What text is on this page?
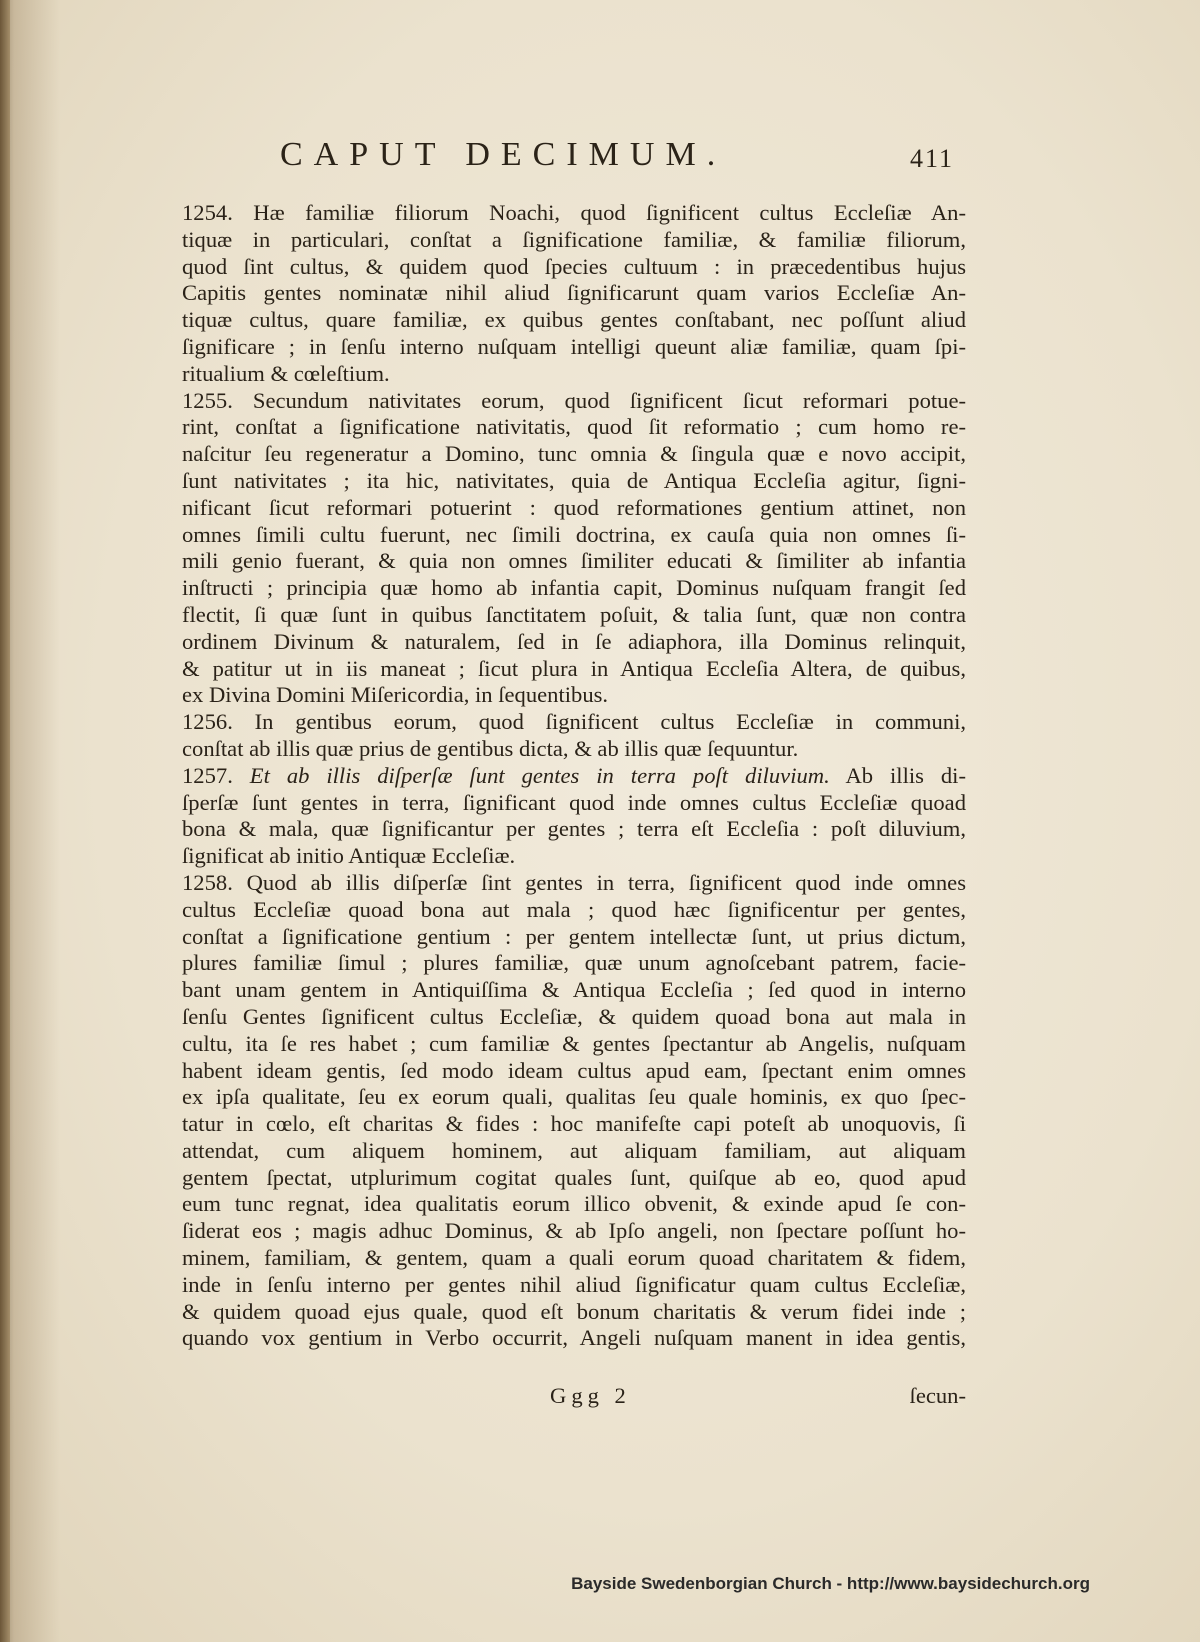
CAPUT DECIMUM.	411

1254. Hæ familiæ filiorum Noachi, quod ſignificent cultus Eccleſiæ An-
tiquæ in particulari, conſtat a ſignificatione familiæ, & familiæ filiorum,
quod ſint cultus, & quidem quod ſpecies cultuum : in præcedentibus hujus
Capitis gentes nominatæ nihil aliud ſignificarunt quam varios Eccleſiæ An-
tiquæ cultus, quare familiæ, ex quibus gentes conſtabant, nec poſſunt aliud
ſignificare ; in ſenſu interno nuſquam intelligi queunt aliæ familiæ, quam ſpi-
ritualium & cœleſtium.

1255. Secundum nativitates eorum, quod ſignificent ſicut reformari potue-
rint, conſtat a ſignificatione nativitatis, quod ſit reformatio ; cum homo re-
naſcitur ſeu regeneratur a Domino, tunc omnia & ſingula quæ e novo accipit,
ſunt nativitates ; ita hic, nativitates, quia de Antiqua Eccleſia agitur, ſigni-
nificant ſicut reformari potuerint : quod reformationes gentium attinet, non
omnes ſimili cultu fuerunt, nec ſimili doctrina, ex cauſa quia non omnes ſi-
mili genio fuerant, & quia non omnes ſimiliter educati & ſimiliter ab infantia
inſtructi ; principia quæ homo ab infantia capit, Dominus nuſquam frangit ſed
flectit, ſi quæ ſunt in quibus ſanctitatem poſuit, & talia ſunt, quæ non contra
ordinem Divinum & naturalem, ſed in ſe adiaphora, illa Dominus relinquit,
& patitur ut in iis maneat ; ſicut plura in Antiqua Eccleſia Altera, de quibus,
ex Divina Domini Miſericordia, in ſequentibus.

1256. In gentibus eorum, quod ſignificent cultus Eccleſiæ in communi,
conſtat ab illis quæ prius de gentibus dicta, & ab illis quæ ſequuntur.

1257. Et ab illis diſperſæ ſunt gentes in terra poſt diluvium. Ab illis di-
ſperſæ ſunt gentes in terra, ſignificant quod inde omnes cultus Eccleſiæ quoad
bona & mala, quæ ſignificantur per gentes ; terra eſt Eccleſia : poſt diluvium,
ſignificat ab initio Antiquæ Eccleſiæ.

1258. Quod ab illis diſperſæ ſint gentes in terra, ſignificent quod inde omnes
cultus Eccleſiæ quoad bona aut mala ; quod hæc ſignificentur per gentes,
conſtat a ſignificatione gentium : per gentem intellectæ ſunt, ut prius dictum,
plures familiæ ſimul ; plures familiæ, quæ unum agnoſcebant patrem, facie-
bant unam gentem in Antiquiſſima & Antiqua Eccleſia ; ſed quod in interno
ſenſu Gentes ſignificent cultus Eccleſiæ, & quidem quoad bona aut mala in
cultu, ita ſe res habet ; cum familiæ & gentes ſpectantur ab Angelis, nuſquam
habent ideam gentis, ſed modo ideam cultus apud eam, ſpectant enim omnes
ex ipſa qualitate, ſeu ex eorum quali, qualitas ſeu quale hominis, ex quo ſpec-
tatur in cœlo, eſt charitas & fides : hoc manifeſte capi poteſt ab unoquovis, ſi
attendat, cum aliquem hominem, aut aliquam familiam, aut aliquam
gentem ſpectat, utplurimum cogitat quales ſunt, quiſque ab eo, quod apud
eum tunc regnat, idea qualitatis eorum illico obvenit, & exinde apud ſe con-
ſiderat eos ; magis adhuc Dominus, & ab Ipſo angeli, non ſpectare poſſunt ho-
minem, familiam, & gentem, quam a quali eorum quoad charitatem & fidem,
inde in ſenſu interno per gentes nihil aliud ſignificatur quam cultus Eccleſiæ,
& quidem quoad ejus quale, quod eſt bonum charitatis & verum fidei inde ;
quando vox gentium in Verbo occurrit, Angeli nuſquam manent in idea gentis,

Ggg 2	ſecun-
Bayside Swedenborgian Church - http://www.baysidechurch.org
